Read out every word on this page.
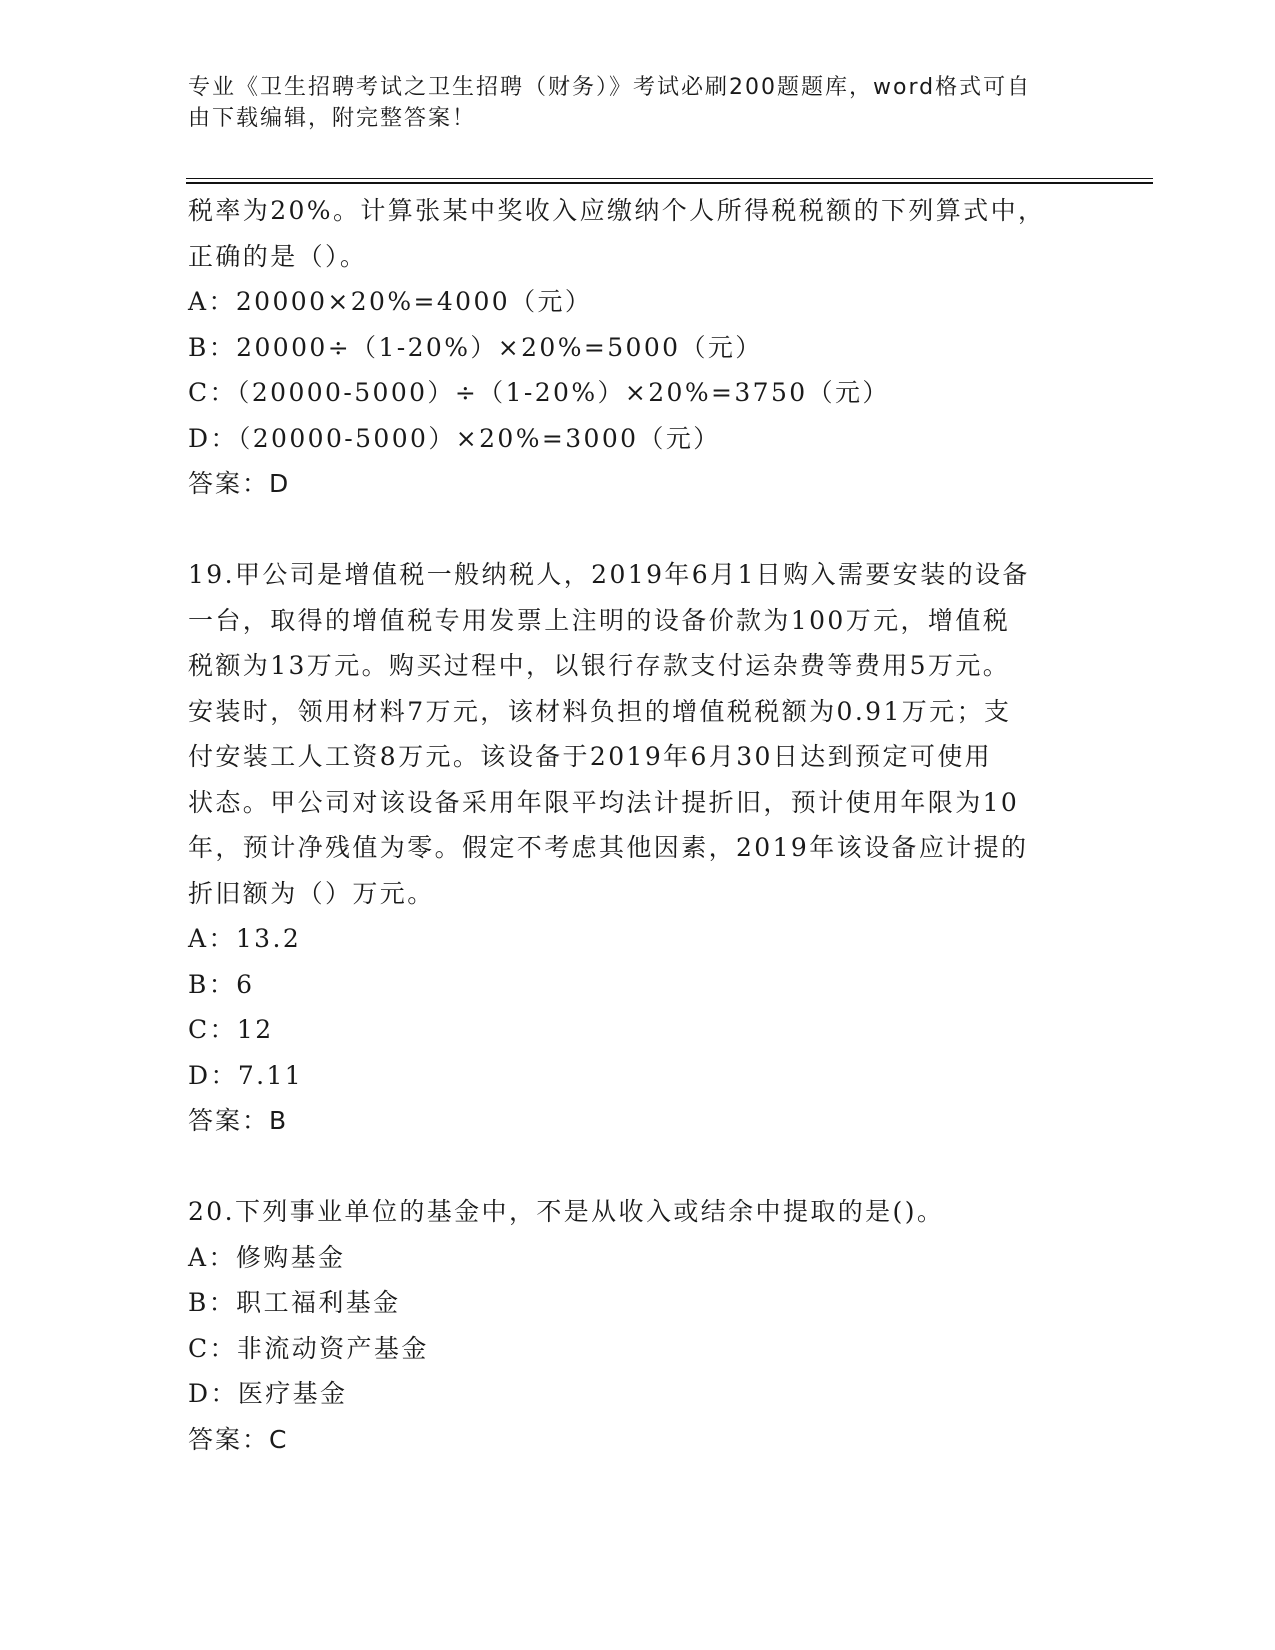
专业《卫生招聘考试之卫生招聘（财务）》考试必刷200题题库，word格式可自
由下载编辑，附完整答案！
税率为20%。计算张某中奖收入应缴纳个人所得税税额的下列算式中，
正确的是（）。
A：20000×20%=4000（元）
B：20000÷（1-20%）×20%=5000（元）
C：（20000-5000）÷（1-20%）×20%=3750（元）
D：（20000-5000）×20%=3000（元）
答案：D
19.甲公司是增值税一般纳税人，2019年6月1日购入需要安装的设备
一台，取得的增值税专用发票上注明的设备价款为100万元，增值税
税额为13万元。购买过程中，以银行存款支付运杂费等费用5万元。
安装时，领用材料7万元，该材料负担的增值税税额为0.91万元；支
付安装工人工资8万元。该设备于2019年6月30日达到预定可使用
状态。甲公司对该设备采用年限平均法计提折旧，预计使用年限为10
年，预计净残值为零。假定不考虑其他因素，2019年该设备应计提的
折旧额为（）万元。
A：13.2
B：6
C：12
D：7.11
答案：B
20.下列事业单位的基金中，不是从收入或结余中提取的是()。
A：修购基金
B：职工福利基金
C：非流动资产基金
D：医疗基金
答案：C
